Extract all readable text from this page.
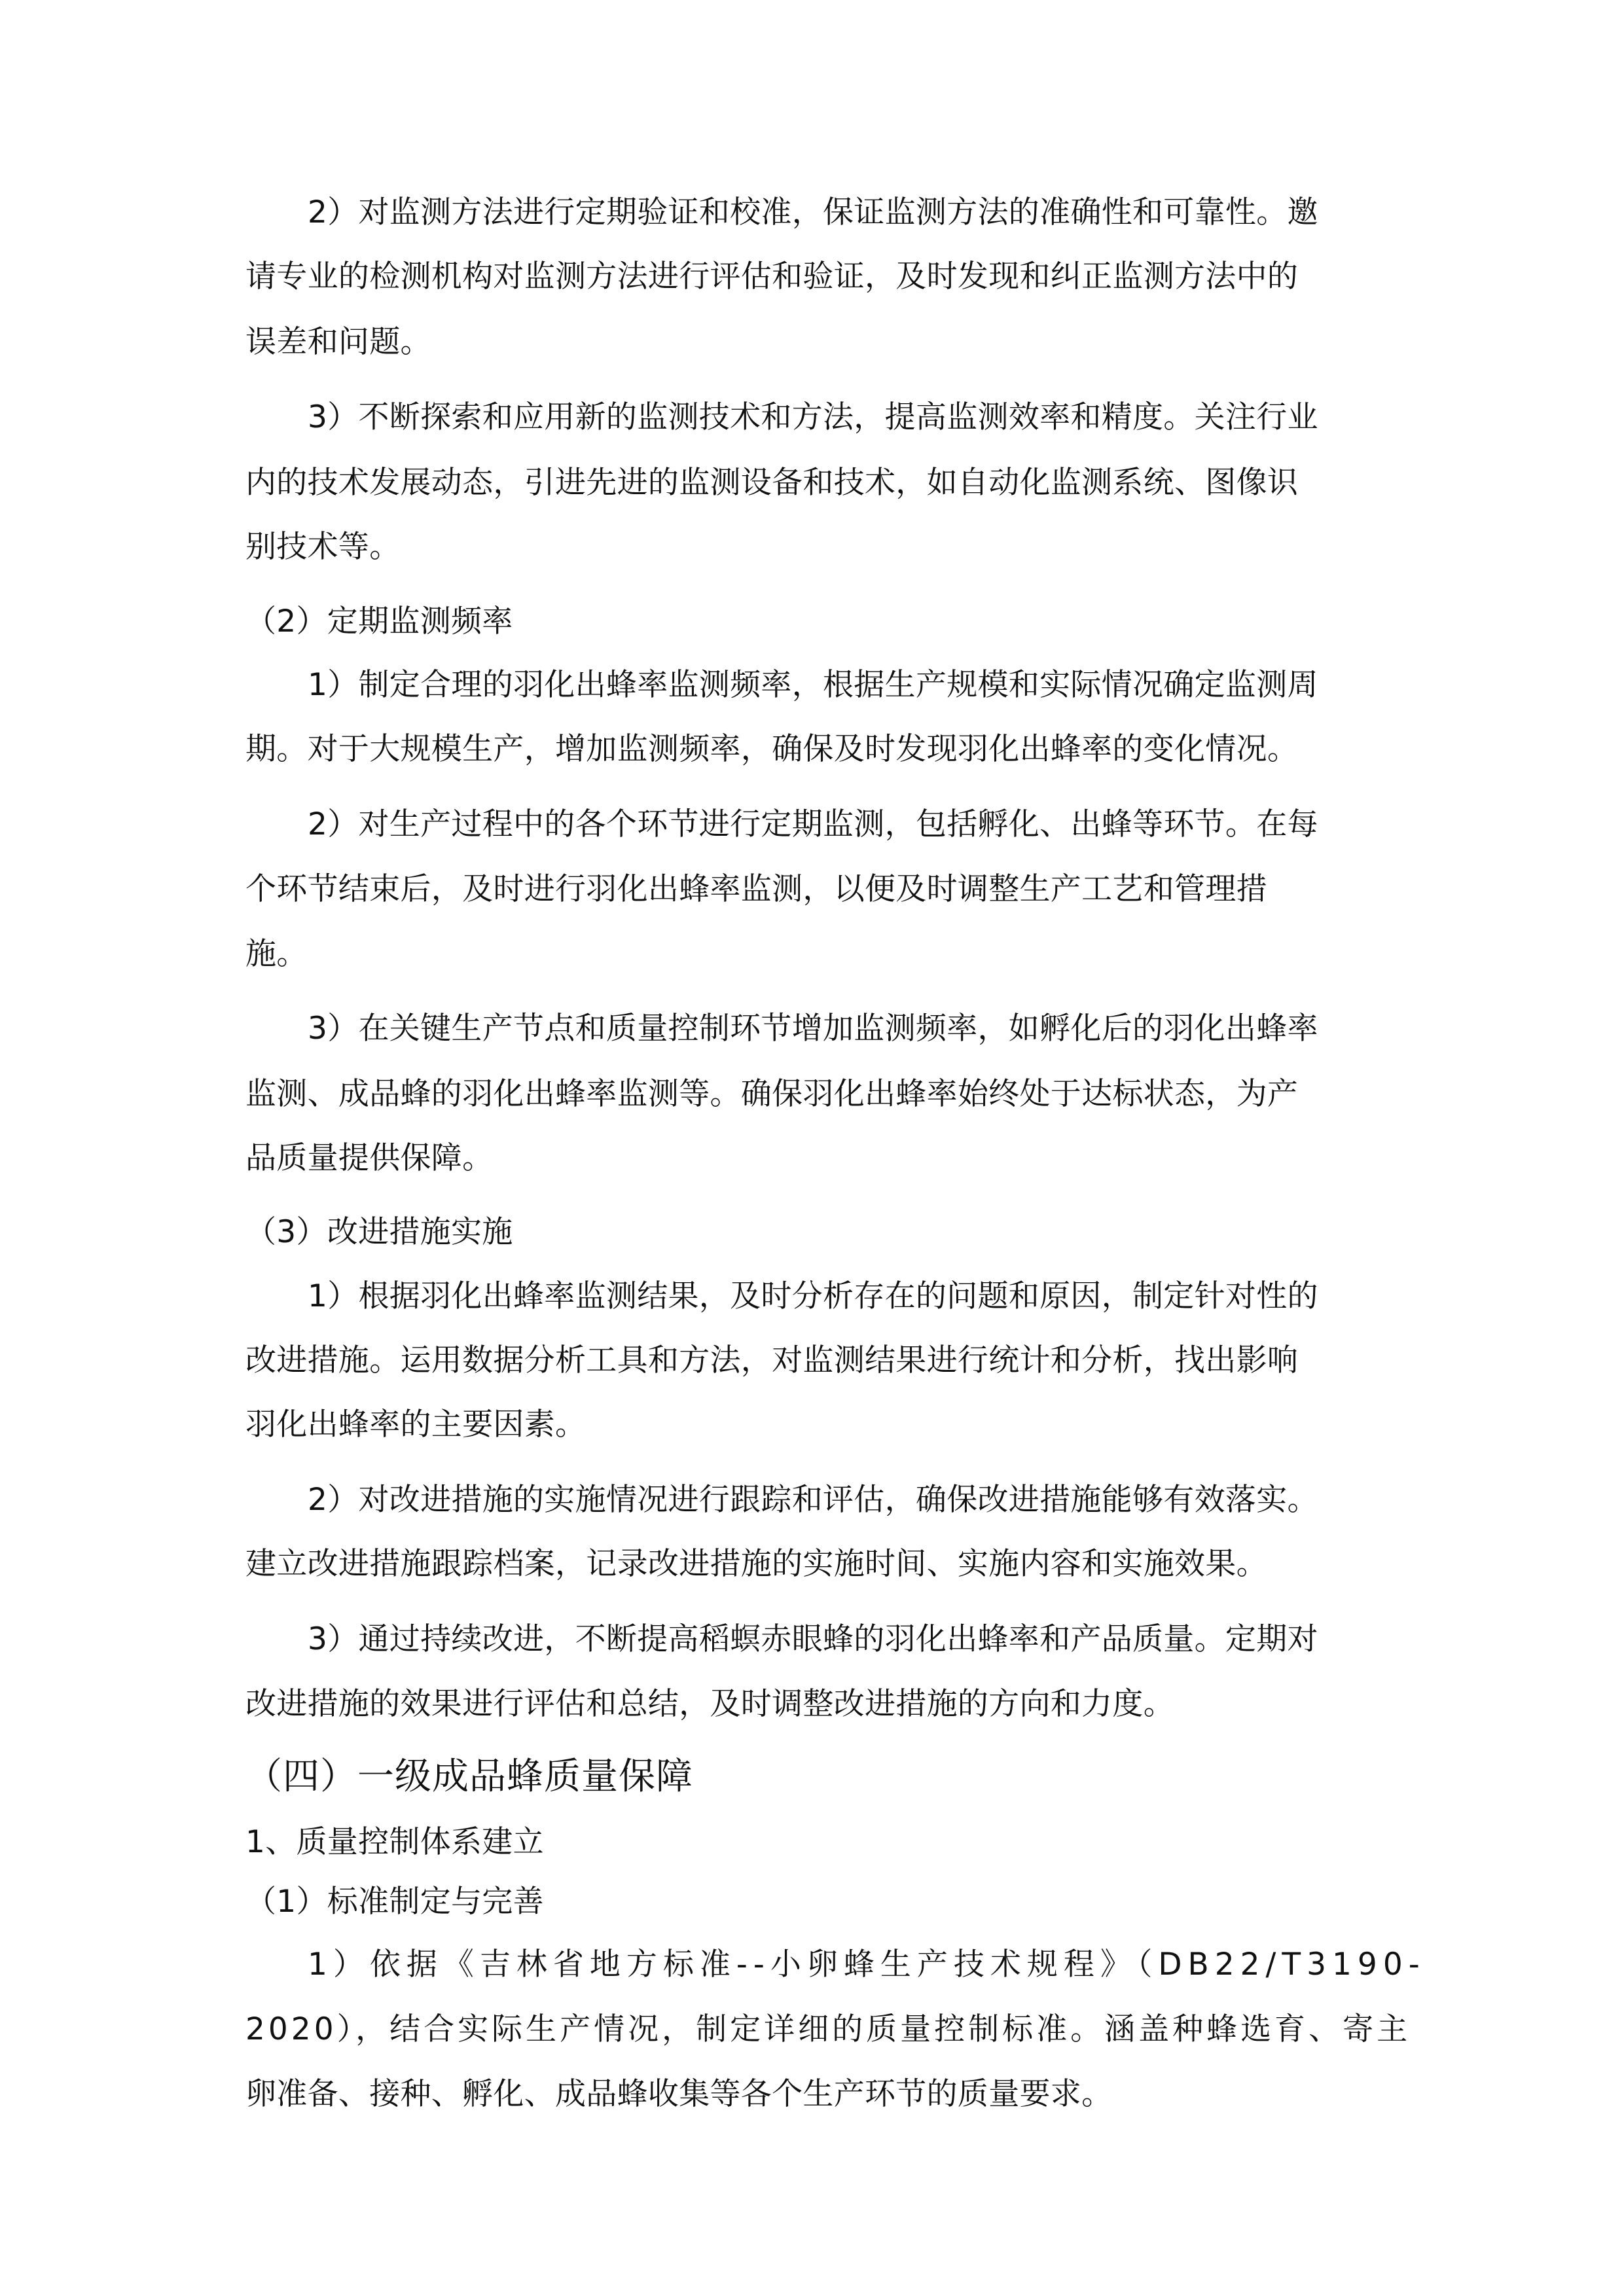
2）对监测方法进行定期验证和校准，保证监测方法的准确性和可靠性。邀
请专业的检测机构对监测方法进行评估和验证，及时发现和纠正监测方法中的
误差和问题。
3）不断探索和应用新的监测技术和方法，提高监测效率和精度。关注行业
内的技术发展动态，引进先进的监测设备和技术，如自动化监测系统、图像识
别技术等。
（2）定期监测频率
1）制定合理的羽化出蜂率监测频率，根据生产规模和实际情况确定监测周
期。对于大规模生产，增加监测频率，确保及时发现羽化出蜂率的变化情况。
2）对生产过程中的各个环节进行定期监测，包括孵化、出蜂等环节。在每
个环节结束后，及时进行羽化出蜂率监测，以便及时调整生产工艺和管理措
施。
3）在关键生产节点和质量控制环节增加监测频率，如孵化后的羽化出蜂率
监测、成品蜂的羽化出蜂率监测等。确保羽化出蜂率始终处于达标状态，为产
品质量提供保障。
（3）改进措施实施
1）根据羽化出蜂率监测结果，及时分析存在的问题和原因，制定针对性的
改进措施。运用数据分析工具和方法，对监测结果进行统计和分析，找出影响
羽化出蜂率的主要因素。
2）对改进措施的实施情况进行跟踪和评估，确保改进措施能够有效落实。
建立改进措施跟踪档案，记录改进措施的实施时间、实施内容和实施效果。
3）通过持续改进，不断提高稻螟赤眼蜂的羽化出蜂率和产品质量。定期对
改进措施的效果进行评估和总结，及时调整改进措施的方向和力度。
（四）一级成品蜂质量保障
1、质量控制体系建立
（1）标准制定与完善
1）依据《吉林省地方标准--小卵蜂生产技术规程》（DB22/T3190-
2020），结合实际生产情况，制定详细的质量控制标准。涵盖种蜂选育、寄主
卵准备、接种、孵化、成品蜂收集等各个生产环节的质量要求。
